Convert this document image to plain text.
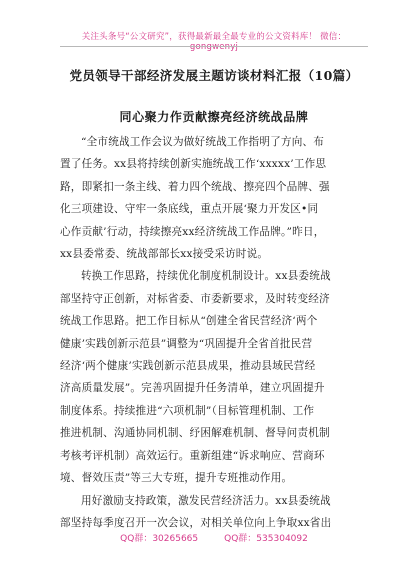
关注头条号“公文研究”，获得最新最全最专业的公文资料库！ 微信：gongwenyj
党员领导干部经济发展主题访谈材料汇报（10篇）
同心聚力作贡献擦亮经济统战品牌

“全市统战工作会议为做好统战工作指明了方向、布

置了任务。xx县将持续创新实施统战工作‘xxxxx’工作思

路，即紧扣一条主线、着力四个统战、擦亮四个品牌、强

化三项建设、守牢一条底线，重点开展‘聚力开发区•同

心作贡献’行动，持续擦亮xx经济统战工作品牌。”昨日，

xx县委常委、统战部部长xx接受采访时说。

转换工作思路，持续优化制度机制设计。xx县委统战

部坚持守正创新，对标省委、市委新要求，及时转变经济

统战工作思路。把工作目标从“创建全省民营经济‘两个

健康’实践创新示范县”调整为“巩固提升全省首批民营

经济‘两个健康’实践创新示范县成果，推动县域民营经

济高质量发展”。完善巩固提升任务清单，建立巩固提升

制度体系。持续推进“六项机制”（目标管理机制、工作

推进机制、沟通协同机制、纾困解难机制、督导问责机制

考核考评机制）高效运行。重新组建“诉求响应、营商环

境、督效压责”等三大专班，提升专班推动作用。

用好激励支持政策，激发民营经济活力。xx县委统战

部坚持每季度召开一次会议，对相关单位向上争取xx省出

QQ群：30265665	QQ群：535304092
